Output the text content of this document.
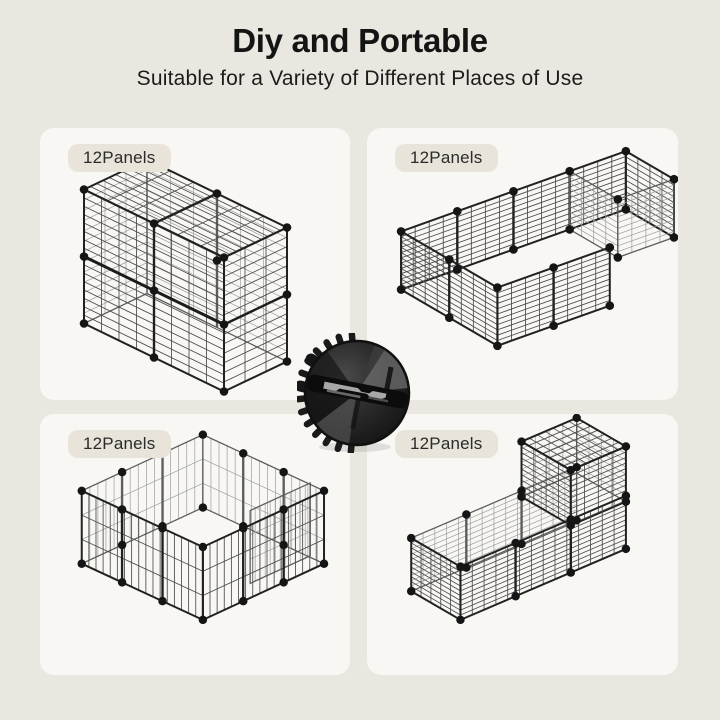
Diy and Portable

Suitable for a Variety of Different Places of Use

12Panels	12Panels
12Panels	12Panels
